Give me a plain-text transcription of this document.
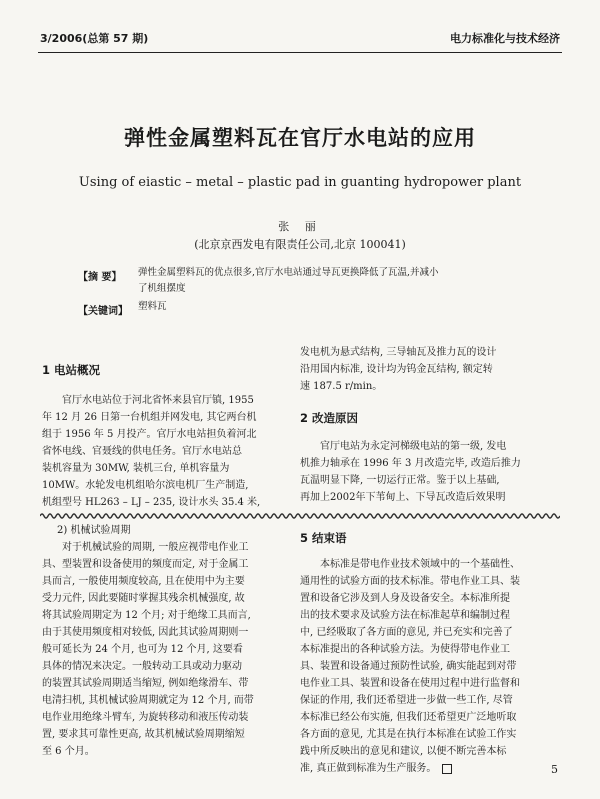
3/2006(总第 57 期)	电力标准化与技术经济
弹性金属塑料瓦在官厅水电站的应用
Using of eiastic – metal – plastic pad in guanting hydropower plant
张 丽
(北京京西发电有限责任公司,北京 100041)
【摘 要】 弹性金属塑料瓦的优点很多,官厅水电站通过导瓦更换降低了瓦温,并减小
了机组摆度
【关键词】 塑料瓦
1 电站概况

官厅水电站位于河北省怀来县官厅镇, 1955

年 12 月 26 日第一台机组并网发电, 其它两台机

组于 1956 年 5 月投产。官厅水电站担负着河北

省怀电线、官聂线的供电任务。官厅水电站总

装机容量为 30MW, 装机三台, 单机容量为

10MW。水轮发电机组哈尔滨电机厂生产制造,

机组型号 HL263 – LJ – 235, 设计水头 35.4 米,

发电机为悬式结构, 三导轴瓦及推力瓦的设计

沿用国内标准, 设计均为钨金瓦结构, 额定转

速 187.5 r/min。

2 改造原因

官厅电站为永定河梯级电站的第一级, 发电

机推力轴承在 1996 年 3 月改造完毕, 改造后推力

瓦温明显下降, 一切运行正常。鉴于以上基础,

再加上2002年下苇甸上、下导瓦改造后效果明

2) 机械试验周期

对于机械试验的周期, 一般应视带电作业工

具、型装置和设备使用的频度而定, 对于金属工

具而言, 一般使用频度较高, 且在使用中为主要

受力元件, 因此要随时掌握其残余机械强度, 故

将其试验周期定为 12 个月; 对于绝缘工具而言,

由于其使用频度相对较低, 因此其试验周期则一

般可延长为 24 个月, 也可为 12 个月, 这要看

具体的情况来决定。一般转动工具或动力驱动

的装置其试验周期适当缩短, 例如绝缘滑车、带

电清扫机, 其机械试验周期就定为 12 个月, 而带

电作业用绝缘斗臂车, 为旋转移动和液压传动装

置, 要求其可靠性更高, 故其机械试验周期缩短

至 6 个月。

5 结束语

本标准是带电作业技术领域中的一个基础性、

通用性的试验方面的技术标准。带电作业工具、装

置和设备它涉及到人身及设备安全。本标准所提

出的技术要求及试验方法在标准起草和编制过程

中, 已经吸取了各方面的意见, 并已充实和完善了

本标准提出的各种试验方法。为使得带电作业工

具、装置和设备通过预防性试验, 确实能起到对带

电作业工具、装置和设备在使用过程中进行监督和

保证的作用, 我们还希望进一步做一些工作, 尽管

本标准已经公布实施, 但我们还希望更广泛地听取

各方面的意见, 尤其是在执行本标准在试验工作实

践中所反映出的意见和建议, 以便不断完善本标

准, 真正做到标准为生产服务。	5
